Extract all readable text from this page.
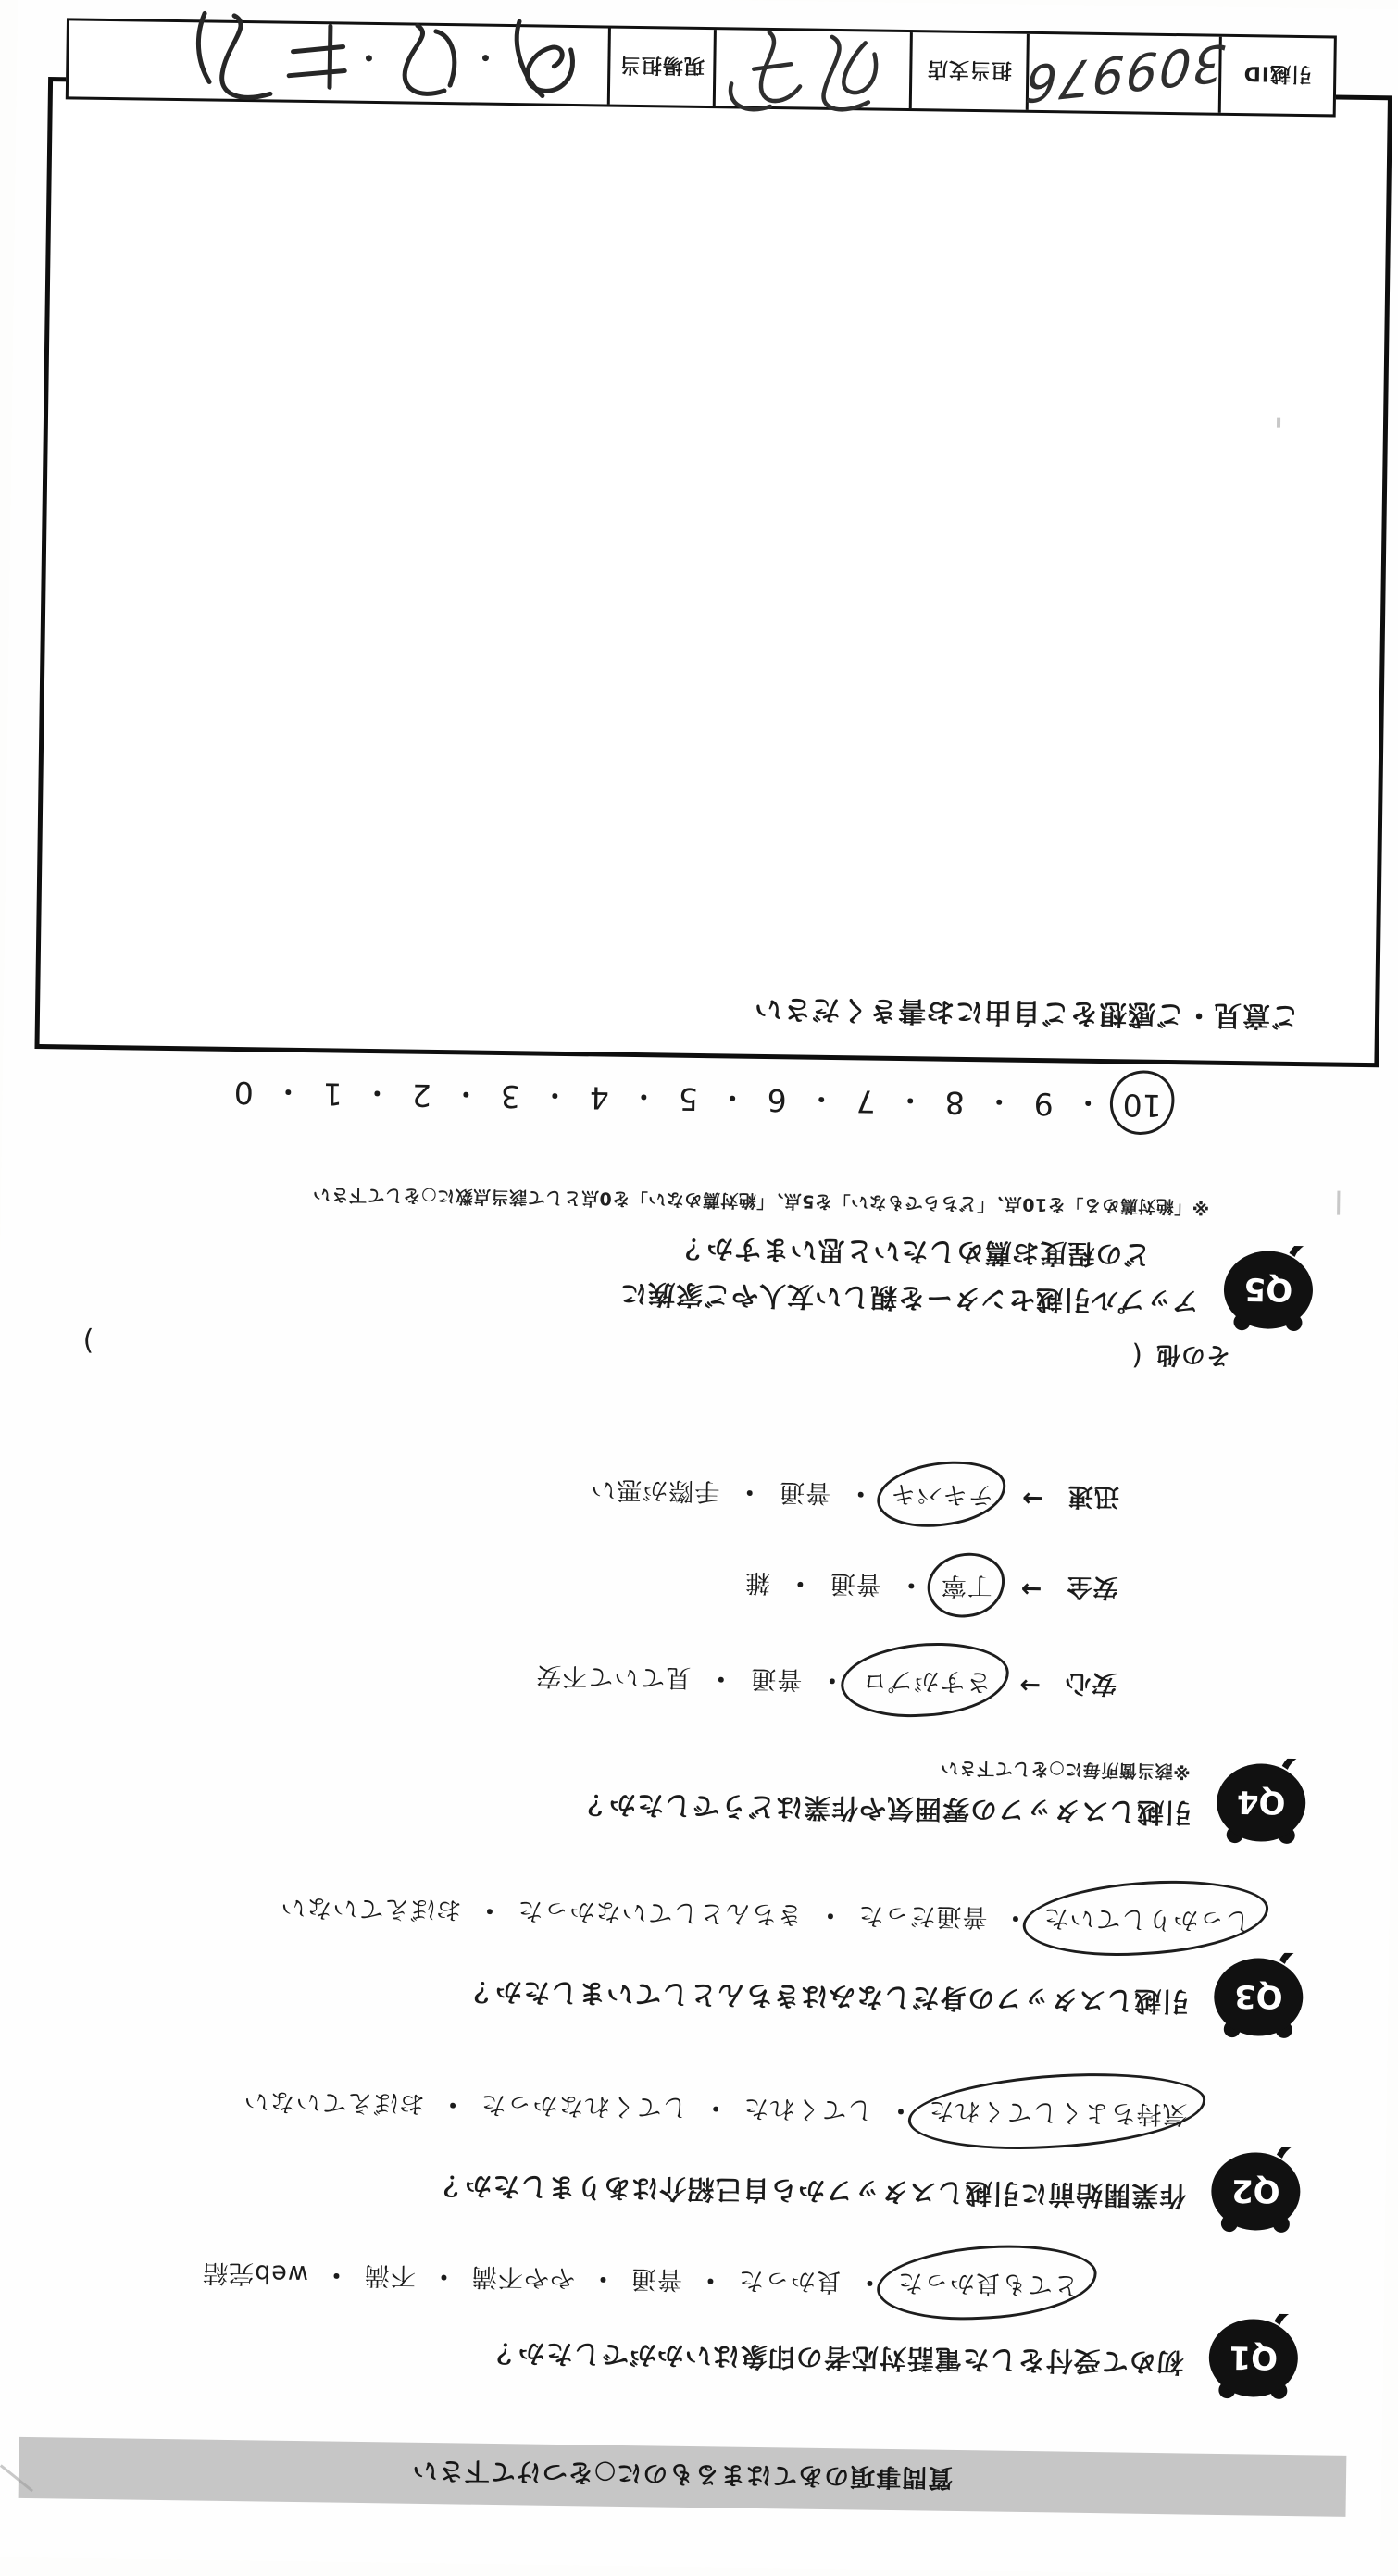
質問事項のあてはまるものに○をつけて下さい
Q1
初めて受付をした電話対応者の印象はいかがでしたか？
とても良かった
・ 良かった
・ 普通
・ やや不満
・ 不満
・ web完結
Q2
作業開始前に引越しスタッフから自己紹介はありましたか？
気持ちよくしてくれた
・ してくれた
・ してくれなかった
・ おぼえていない
Q3
引越しスタッフの身だしなみはきちんとしていましたか？
しっかりしていた
・ 普通だった
・ きちんとしていなかった
・ おぼえていない
Q4
引越しスタッフの雰囲気や作業はどうでしたか？
※該当箇所毎に○をして下さい
安心
→
さすがプロ
・ 普通
・ 見ていて不安
安全
→
丁寧
・ 普通
・ 雑
迅速
→
テキパキ
・ 普通
・ 手際が悪い
その他
(
)
Q5
アップル引越センターを親しい友人やご家族に
どの程度お薦めしたいと思いますか？
※「絶対薦める」を10点、「どちらでもない」を5点、「絶対薦めない」を0点として該当点数に○をして下さい
10
・ 9
・ 8
・ 7
・ 6
・ 5
・ 4
・ 3
・ 2
・ 1
・ 0
ご意見・ご感想をご自由にお書きください
引越ID
309976
担当支店
現場担当
